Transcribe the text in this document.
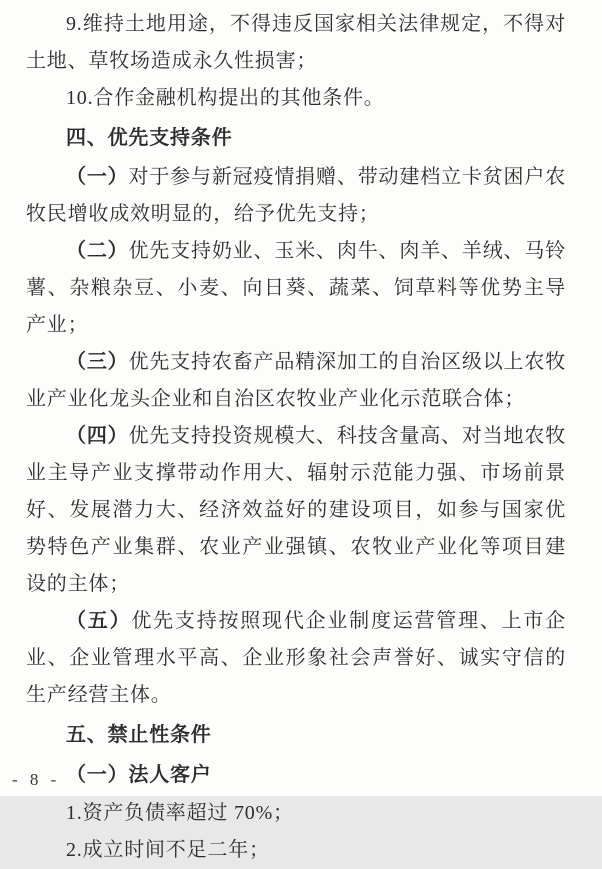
9.维持土地用途，不得违反国家相关法律规定，不得对土地、草牧场造成永久性损害；

10.合作金融机构提出的其他条件。

四、优先支持条件

（一）对于参与新冠疫情捐赠、带动建档立卡贫困户农牧民增收成效明显的，给予优先支持；

（二）优先支持奶业、玉米、肉牛、肉羊、羊绒、马铃薯、杂粮杂豆、小麦、向日葵、蔬菜、饲草料等优势主导产业；

（三）优先支持农畜产品精深加工的自治区级以上农牧业产业化龙头企业和自治区农牧业产业化示范联合体；

（四）优先支持投资规模大、科技含量高、对当地农牧业主导产业支撑带动作用大、辐射示范能力强、市场前景好、发展潜力大、经济效益好的建设项目，如参与国家优势特色产业集群、农业产业强镇、农牧业产业化等项目建设的主体；

（五）优先支持按照现代企业制度运营管理、上市企业、企业管理水平高、企业形象社会声誉好、诚实守信的生产经营主体。

五、禁止性条件

（一）法人客户

1.资产负债率超过 70%；

2.成立时间不足二年；

- 8 -
